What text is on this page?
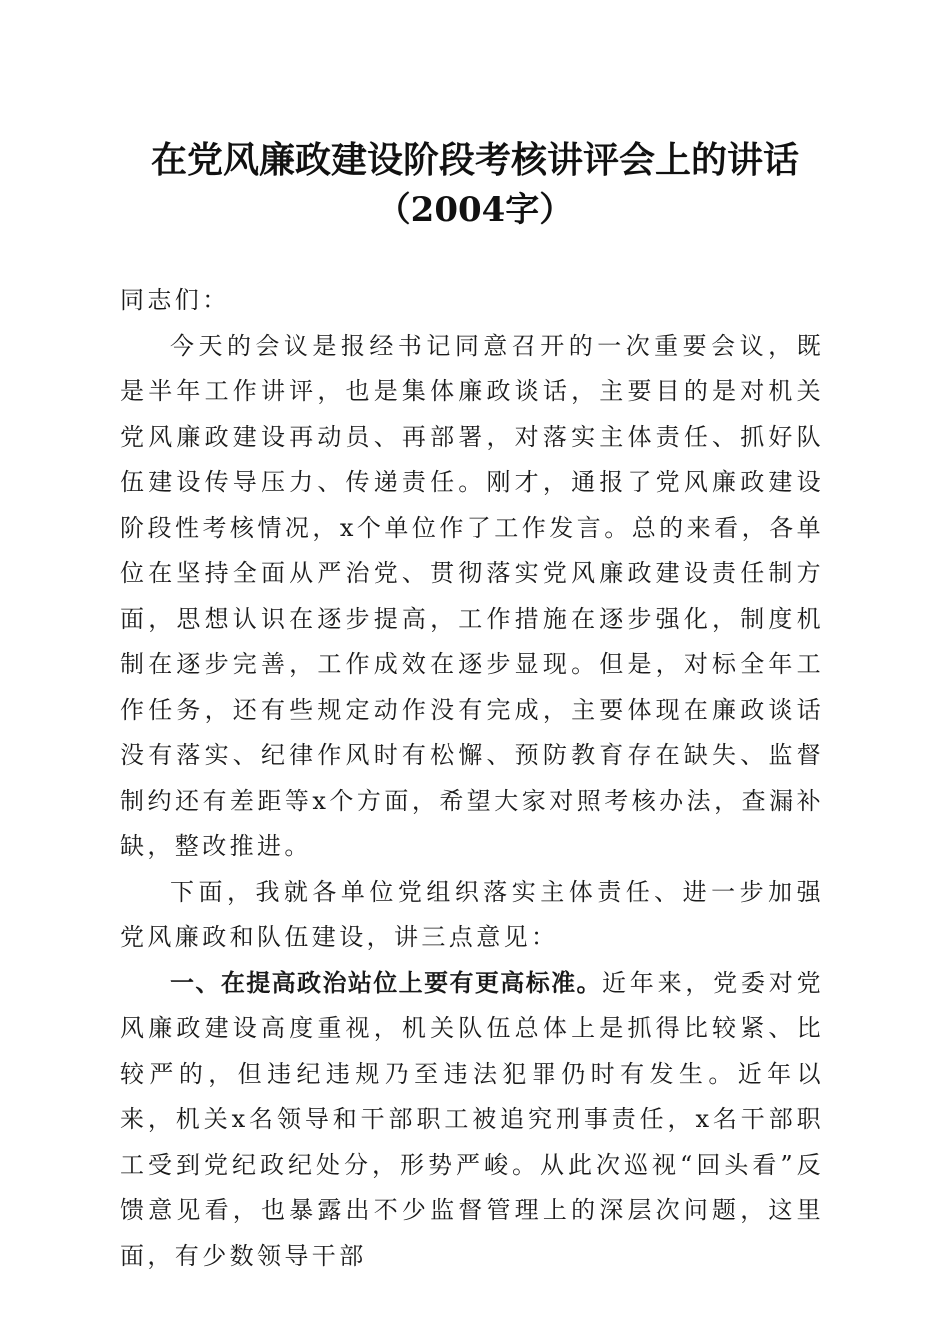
在党风廉政建设阶段考核讲评会上的讲话
（2004字）

同志们：

今天的会议是报经书记同意召开的一次重要会议，既是半年工作讲评，也是集体廉政谈话，主要目的是对机关党风廉政建设再动员、再部署，对落实主体责任、抓好队伍建设传导压力、传递责任。刚才，通报了党风廉政建设阶段性考核情况，x个单位作了工作发言。总的来看，各单位在坚持全面从严治党、贯彻落实党风廉政建设责任制方面，思想认识在逐步提高，工作措施在逐步强化，制度机制在逐步完善，工作成效在逐步显现。但是，对标全年工作任务，还有些规定动作没有完成，主要体现在廉政谈话没有落实、纪律作风时有松懈、预防教育存在缺失、监督制约还有差距等x个方面，希望大家对照考核办法，查漏补缺，整改推进。

下面，我就各单位党组织落实主体责任、进一步加强党风廉政和队伍建设，讲三点意见：

一、在提高政治站位上要有更高标准。近年来，党委对党风廉政建设高度重视，机关队伍总体上是抓得比较紧、比较严的，但违纪违规乃至违法犯罪仍时有发生。近年以来，机关x名领导和干部职工被追究刑事责任，x名干部职工受到党纪政纪处分，形势严峻。从此次巡视“回头看”反馈意见看，也暴露出不少监督管理上的深层次问题，这里面，有少数领导干部
